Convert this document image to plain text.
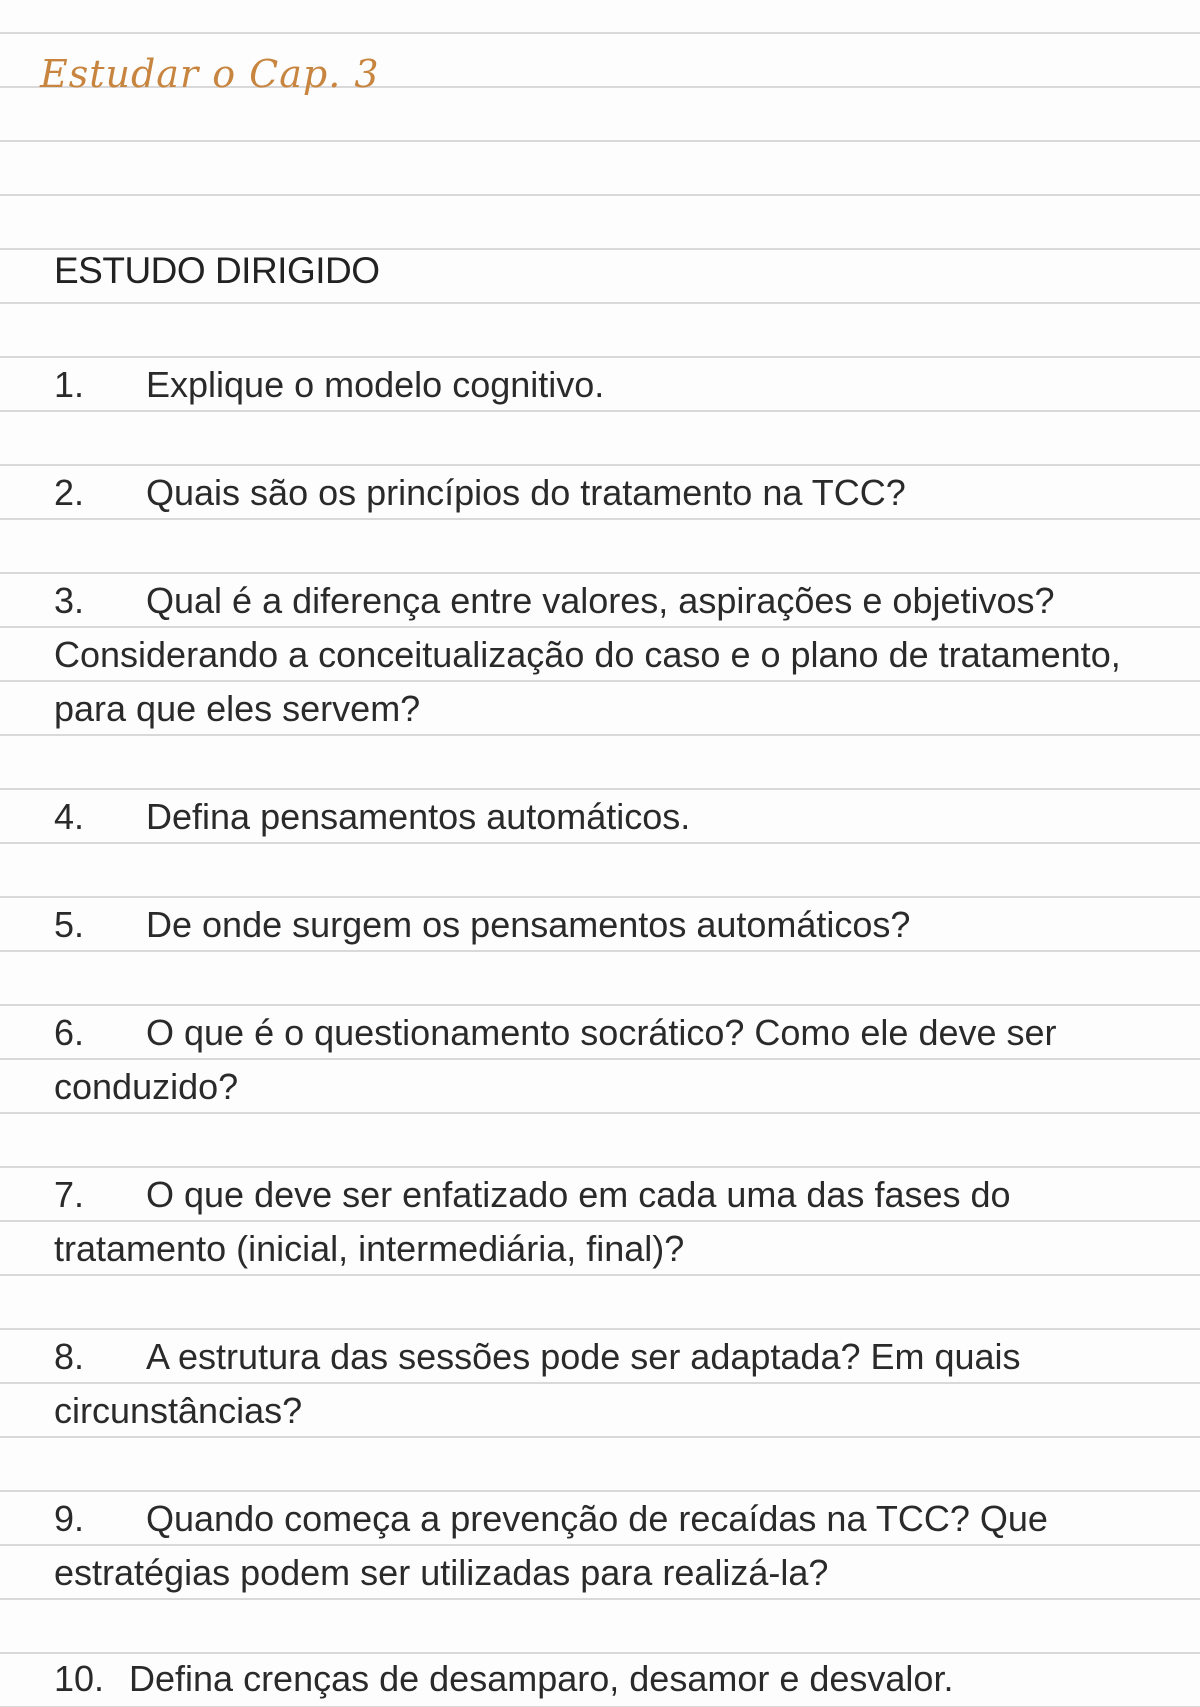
Estudar o Cap. 3

ESTUDO DIRIGIDO

1. Explique o modelo cognitivo.

2. Quais são os princípios do tratamento na TCC?

3. Qual é a diferença entre valores, aspirações e objetivos? Considerando a conceitualização do caso e o plano de tratamento, para que eles servem?

4. Defina pensamentos automáticos.

5. De onde surgem os pensamentos automáticos?

6. O que é o questionamento socrático? Como ele deve ser conduzido?

7. O que deve ser enfatizado em cada uma das fases do tratamento (inicial, intermediária, final)?

8. A estrutura das sessões pode ser adaptada? Em quais circunstâncias?

9. Quando começa a prevenção de recaídas na TCC? Que estratégias podem ser utilizadas para realizá-la?

10. Defina crenças de desamparo, desamor e desvalor.
